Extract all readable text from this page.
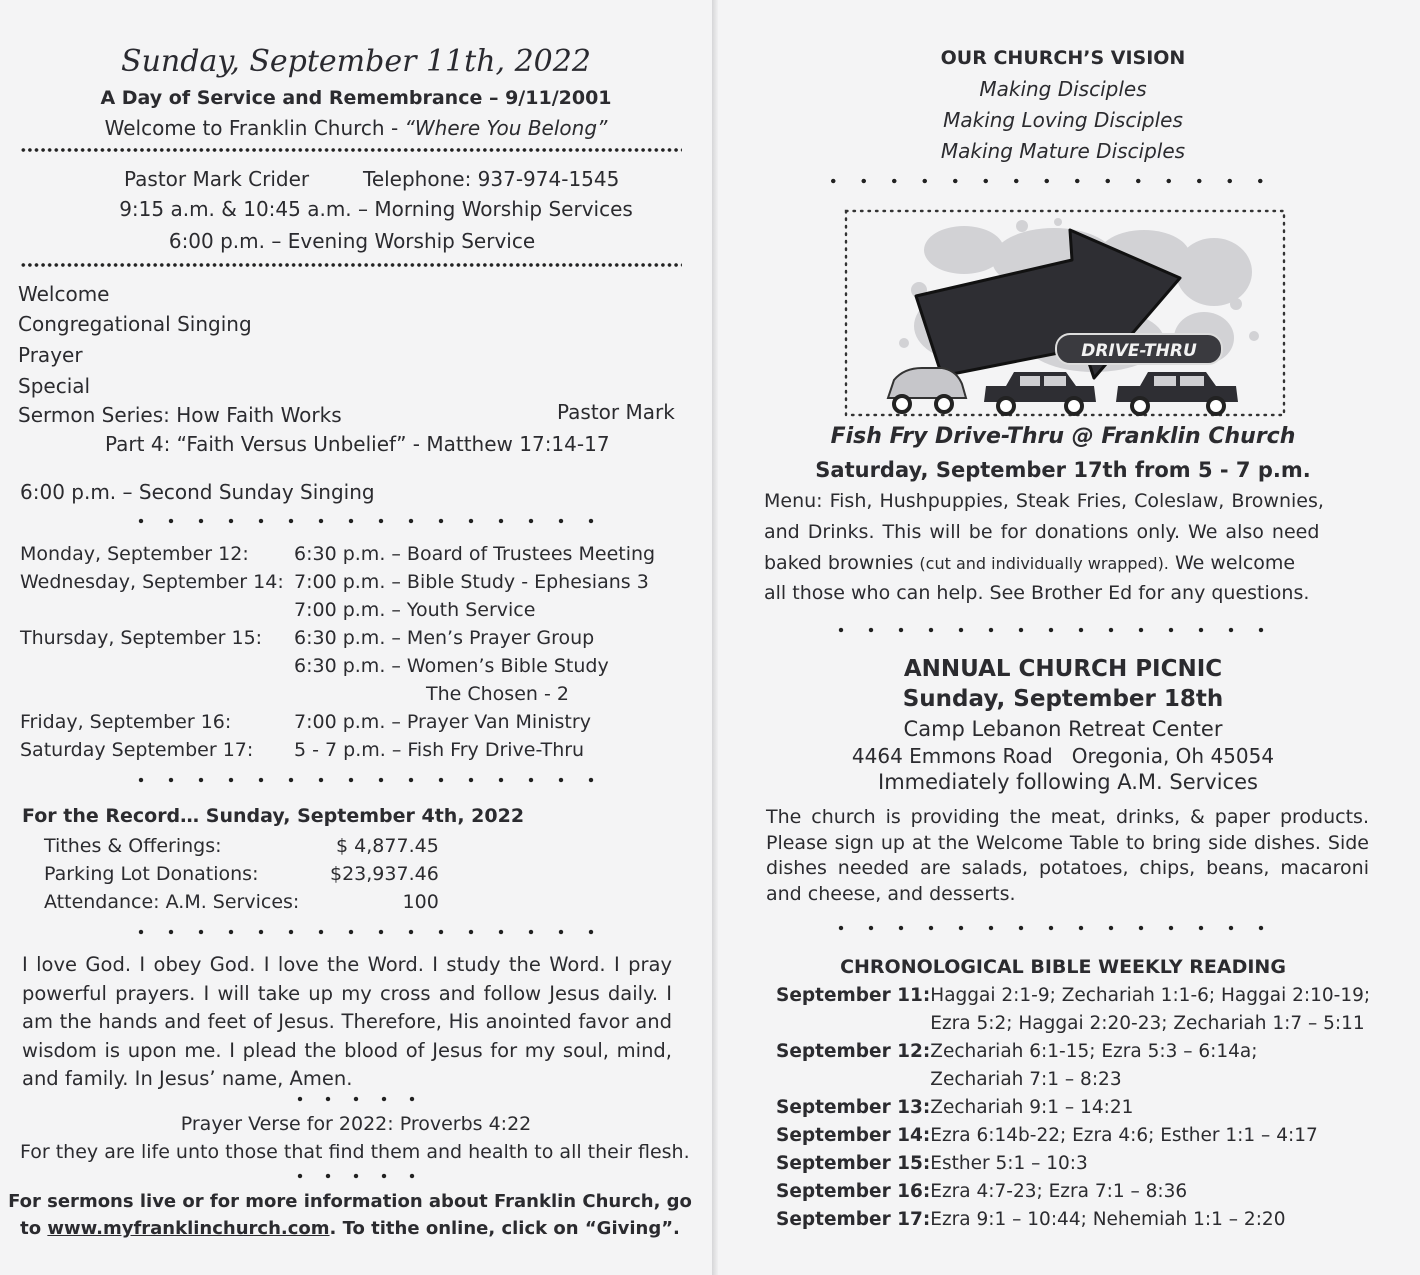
Sunday, September 11th, 2022
A Day of Service and Remembrance – 9/11/2001
Welcome to Franklin Church - “Where You Belong”
Pastor Mark Crider	Telephone: 937-974-1545
9:15 a.m. & 10:45 a.m. – Morning Worship Services
6:00 p.m. – Evening Worship Service
Welcome
Congregational Singing
Prayer
Special
Sermon Series: How Faith Works	Pastor Mark
Part 4: “Faith Versus Unbelief” - Matthew 17:14-17
6:00 p.m. – Second Sunday Singing
Monday, September 12:	6:30 p.m. – Board of Trustees Meeting
Wednesday, September 14:	7:00 p.m. – Bible Study - Ephesians 3
	7:00 p.m. – Youth Service
Thursday, September 15:	6:30 p.m. – Men’s Prayer Group
	6:30 p.m. – Women’s Bible Study
	The Chosen - 2
Friday, September 16:	7:00 p.m. – Prayer Van Ministry
Saturday September 17:	5 - 7 p.m. – Fish Fry Drive-Thru
For the Record… Sunday, September 4th, 2022
Tithes & Offerings:	$ 4,877.45
Parking Lot Donations:	$23,937.46
Attendance: A.M. Services:	100
I love God. I obey God. I love the Word. I study the Word. I pray powerful prayers. I will take up my cross and follow Jesus daily. I am the hands and feet of Jesus. Therefore, His anointed favor and wisdom is upon me. I plead the blood of Jesus for my soul, mind, and family. In Jesus’ name, Amen.
Prayer Verse for 2022: Proverbs 4:22
For they are life unto those that find them and health to all their flesh.
For sermons live or for more information about Franklin Church, go
to www.myfranklinchurch.com. To tithe online, click on “Giving”.
OUR CHURCH’S VISION
Making Disciples
Making Loving Disciples
Making Mature Disciples
DRIVE-THRU
Fish Fry Drive-Thru @ Franklin Church
Saturday, September 17th from 5 - 7 p.m.
Menu: Fish, Hushpuppies, Steak Fries, Coleslaw, Brownies,
and Drinks. This will be for donations only. We also need
baked brownies (cut and individually wrapped). We welcome
all those who can help. See Brother Ed for any questions.
ANNUAL CHURCH PICNIC
Sunday, September 18th
Camp Lebanon Retreat Center
4464 Emmons Road   Oregonia, Oh 45054
Immediately following A.M. Services
The church is providing the meat, drinks, & paper products. Please sign up at the Welcome Table to bring side dishes. Side dishes needed are salads, potatoes, chips, beans, macaroni and cheese, and desserts.
CHRONOLOGICAL BIBLE WEEKLY READING
September 11:	Haggai 2:1-9; Zechariah 1:1-6; Haggai 2:10-19;
	Ezra 5:2; Haggai 2:20-23; Zechariah 1:7 – 5:11
September 12:	Zechariah 6:1-15; Ezra 5:3 – 6:14a;
	Zechariah 7:1 – 8:23
September 13:	Zechariah 9:1 – 14:21
September 14:	Ezra 6:14b-22; Ezra 4:6; Esther 1:1 – 4:17
September 15:	Esther 5:1 – 10:3
September 16:	Ezra 4:7-23; Ezra 7:1 – 8:36
September 17:	Ezra 9:1 – 10:44; Nehemiah 1:1 – 2:20
